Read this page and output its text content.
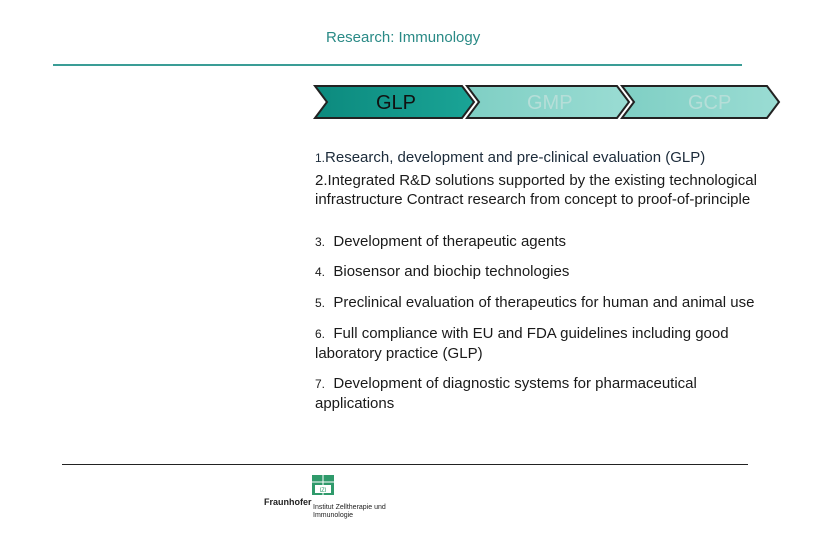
Research: Immunology
GLP	GMP	GCP
1.Research, development and pre-clinical evaluation (GLP)
2.Integrated R&D solutions supported by the existing technological infrastructure Contract research from concept to proof-of-principle
3. Development of therapeutic agents
4. Biosensor and biochip technologies
5. Preclinical evaluation of therapeutics for human and animal use
6. Full compliance with EU and FDA guidelines including good laboratory practice (GLP)
7. Development of diagnostic systems for pharmaceutical applications
IZI
Fraunhofer
Institut Zelltherapie und Immunologie
